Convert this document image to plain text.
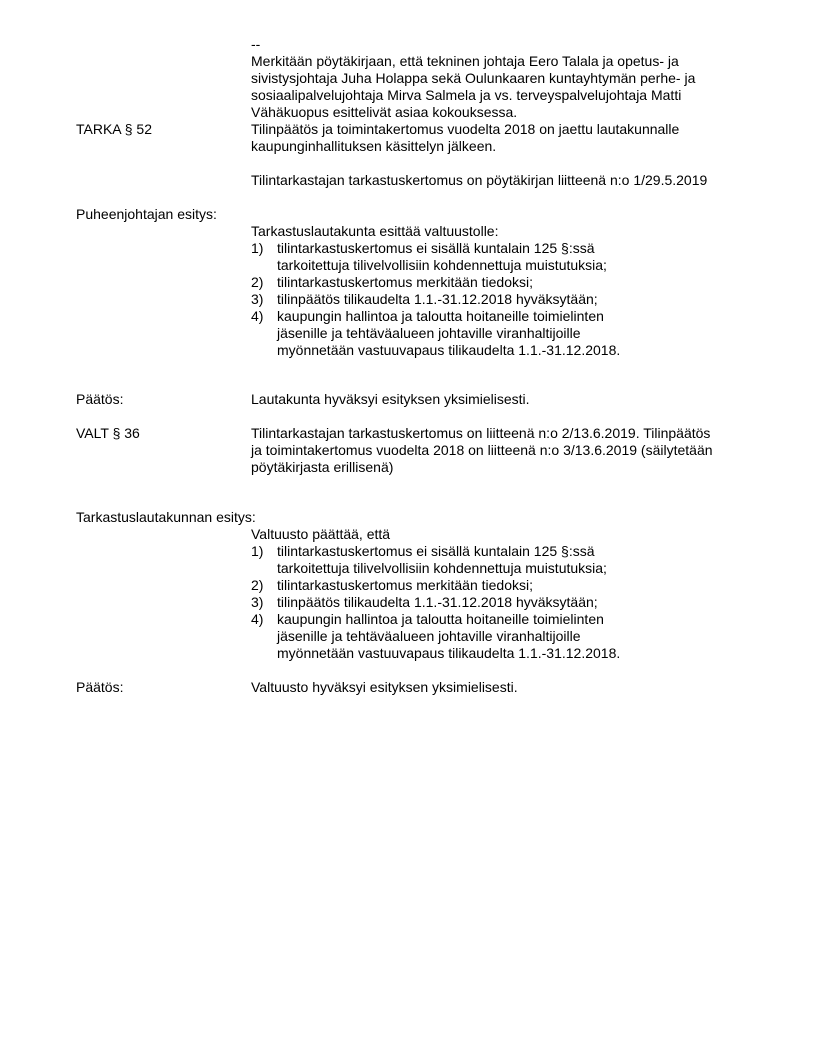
--
Merkitään pöytäkirjaan, että tekninen johtaja Eero Talala ja opetus- ja
sivistysjohtaja Juha Holappa sekä Oulunkaaren kuntayhtymän perhe- ja
sosiaalipalvelujohtaja Mirva Salmela ja vs. terveyspalvelujohtaja Matti
Vähäkuopus esittelivät asiaa kokouksessa.
TARKA § 52	Tilinpäätös ja toimintakertomus vuodelta 2018 on jaettu lautakunnalle
kaupunginhallituksen käsittelyn jälkeen.
Tilintarkastajan tarkastuskertomus on pöytäkirjan liitteenä n:o 1/29.5.2019
Puheenjohtajan esitys:
Tarkastuslautakunta esittää valtuustolle:
1) tilintarkastuskertomus ei sisällä kuntalain 125 §:ssä
tarkoitettuja tilivelvollisiin kohdennettuja muistutuksia;
2) tilintarkastuskertomus merkitään tiedoksi;
3) tilinpäätös tilikaudelta 1.1.-31.12.2018 hyväksytään;
4) kaupungin hallintoa ja taloutta hoitaneille toimielinten
jäsenille ja tehtäväalueen johtaville viranhaltijoille
myönnetään vastuuvapaus tilikaudelta 1.1.-31.12.2018.
Päätös:	Lautakunta hyväksyi esityksen yksimielisesti.
VALT § 36	Tilintarkastajan tarkastuskertomus on liitteenä n:o 2/13.6.2019. Tilinpäätös
ja toimintakertomus vuodelta 2018 on liitteenä n:o 3/13.6.2019 (säilytetään
pöytäkirjasta erillisenä)
Tarkastuslautakunnan esitys:
Valtuusto päättää, että
1) tilintarkastuskertomus ei sisällä kuntalain 125 §:ssä
tarkoitettuja tilivelvollisiin kohdennettuja muistutuksia;
2) tilintarkastuskertomus merkitään tiedoksi;
3) tilinpäätös tilikaudelta 1.1.-31.12.2018 hyväksytään;
4) kaupungin hallintoa ja taloutta hoitaneille toimielinten
jäsenille ja tehtäväalueen johtaville viranhaltijoille
myönnetään vastuuvapaus tilikaudelta 1.1.-31.12.2018.
Päätös:	Valtuusto hyväksyi esityksen yksimielisesti.
